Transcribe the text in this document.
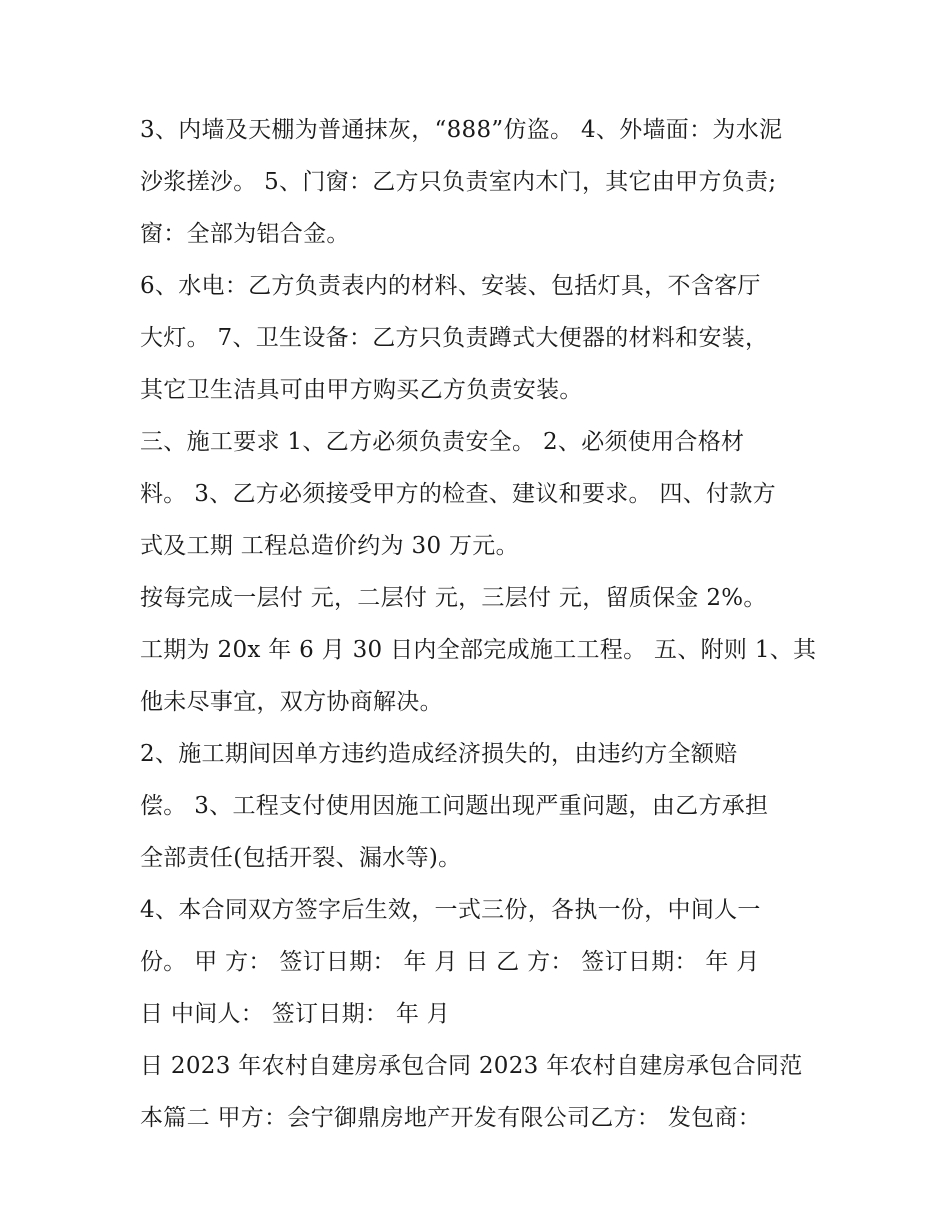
3、内墙及天棚为普通抹灰，“888”仿盗。 4、外墙面：为水泥
沙浆搓沙。 5、门窗：乙方只负责室内木门，其它由甲方负责;
窗：全部为铝合金。
6、水电：乙方负责表内的材料、安装、包括灯具，不含客厅
大灯。 7、卫生设备：乙方只负责蹲式大便器的材料和安装，
其它卫生洁具可由甲方购买乙方负责安装。
三、施工要求 1、乙方必须负责安全。 2、必须使用合格材
料。 3、乙方必须接受甲方的检查、建议和要求。 四、付款方
式及工期 工程总造价约为 30 万元。
按每完成一层付 元，二层付 元，三层付 元，留质保金 2%。
工期为 20x 年 6 月 30 日内全部完成施工工程。 五、附则 1、其
他未尽事宜，双方协商解决。
2、施工期间因单方违约造成经济损失的，由违约方全额赔
偿。 3、工程支付使用因施工问题出现严重问题，由乙方承担
全部责任(包括开裂、漏水等)。
4、本合同双方签字后生效，一式三份，各执一份，中间人一
份。 甲 方： 签订日期： 年 月 日 乙 方： 签订日期： 年 月
日 中间人： 签订日期： 年 月
日 2023 年农村自建房承包合同 2023 年农村自建房承包合同范
本篇二 甲方：会宁御鼎房地产开发有限公司乙方： 发包商：
